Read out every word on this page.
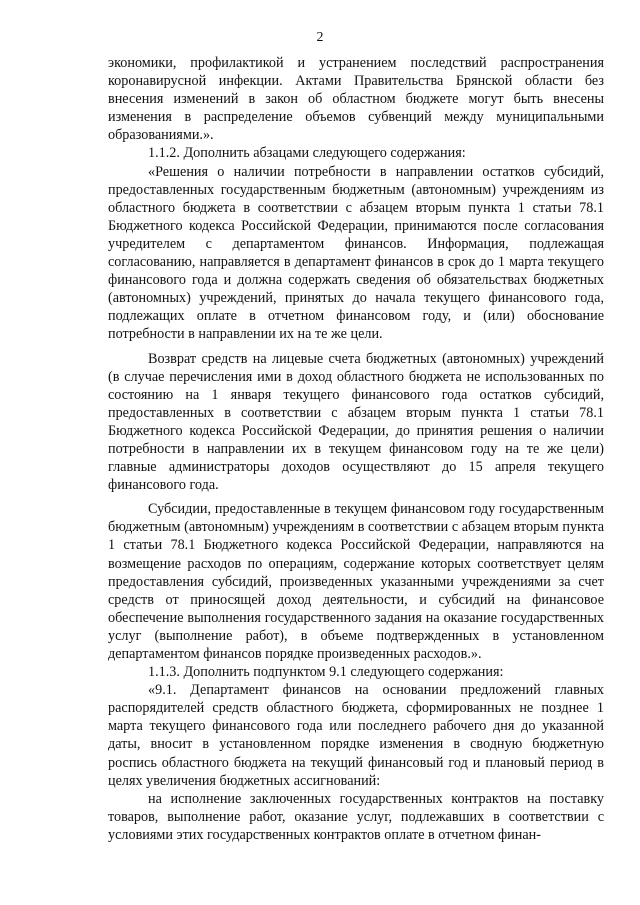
2

экономики, профилактикой и устранением последствий распространения коронавирусной инфекции. Актами Правительства Брянской области без внесения изменений в закон об областном бюджете могут быть внесены изменения в распределение объемов субвенций между муниципальными образованиями.».

1.1.2. Дополнить абзацами следующего содержания:

«Решения о наличии потребности в направлении остатков субсидий, предоставленных государственным бюджетным (автономным) учреждениям из областного бюджета в соответствии с абзацем вторым пункта 1 статьи 78.1 Бюджетного кодекса Российской Федерации, принимаются после согласования учредителем с департаментом финансов. Информация, подлежащая согласованию, направляется в департамент финансов в срок до 1 марта текущего финансового года и должна содержать сведения об обязательствах бюджетных (автономных) учреждений, принятых до начала текущего финансового года, подлежащих оплате в отчетном финансовом году, и (или) обоснование потребности в направлении их на те же цели.

Возврат средств на лицевые счета бюджетных (автономных) учреждений (в случае перечисления ими в доход областного бюджета не использованных по состоянию на 1 января текущего финансового года остатков субсидий, предоставленных в соответствии с абзацем вторым пункта 1 статьи 78.1 Бюджетного кодекса Российской Федерации, до принятия решения о наличии потребности в направлении их в текущем финансовом году на те же цели) главные администраторы доходов осуществляют до 15 апреля текущего финансового года.

Субсидии, предоставленные в текущем финансовом году государственным бюджетным (автономным) учреждениям в соответствии с абзацем вторым пункта 1 статьи 78.1 Бюджетного кодекса Российской Федерации, направляются на возмещение расходов по операциям, содержание которых соответствует целям предоставления субсидий, произведенных указанными учреждениями за счет средств от приносящей доход деятельности, и субсидий на финансовое обеспечение выполнения государственного задания на оказание государственных услуг (выполнение работ), в объеме подтвержденных в установленном департаментом финансов порядке произведенных расходов.».

1.1.3. Дополнить подпунктом 9.1 следующего содержания:

«9.1. Департамент финансов на основании предложений главных распорядителей средств областного бюджета, сформированных не позднее 1 марта текущего финансового года или последнего рабочего дня до указанной даты, вносит в установленном порядке изменения в сводную бюджетную роспись областного бюджета на текущий финансовый год и плановый период в целях увеличения бюджетных ассигнований:

на исполнение заключенных государственных контрактов на поставку товаров, выполнение работ, оказание услуг, подлежавших в соответствии с условиями этих государственных контрактов оплате в отчетном финан-
